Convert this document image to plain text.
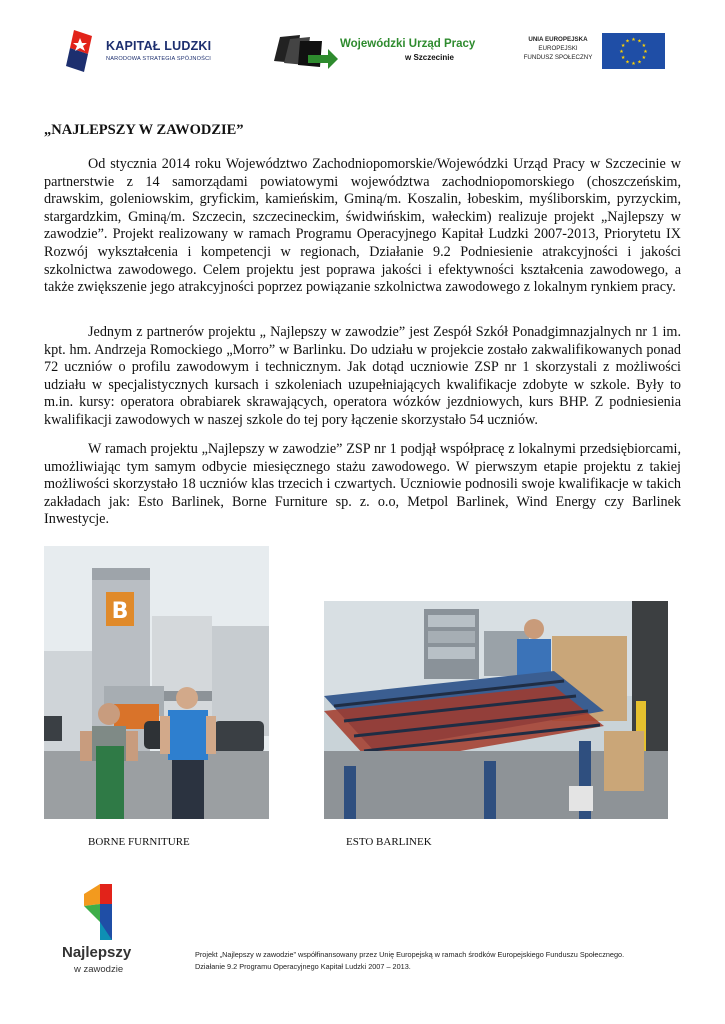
KAPITAŁ LUDZKI
NARODOWA STRATEGIA SPÓJNOŚCI
Wojewódzki Urząd Pracy
w Szczecinie
UNIA EUROPEJSKA
EUROPEJSKI
FUNDUSZ SPOŁECZNY
★ ★
★
★
★
★
★
★
★
★
★
★
„NAJLEPSZY W ZAWODZIE”

Od stycznia 2014 roku Województwo Zachodniopomorskie/Wojewódzki Urząd Pracy w Szczecinie w partnerstwie z 14 samorządami powiatowymi województwa zachodniopomorskiego (choszczeńskim, drawskim, goleniowskim, gryfickim, kamieńskim, Gminą/m. Koszalin, łobeskim, myśliborskim, pyrzyckim, stargardzkim, Gminą/m. Szczecin, szczecineckim, świdwińskim, wałeckim) realizuje projekt „Najlepszy w zawodzie”. Projekt realizowany w ramach Programu Operacyjnego Kapitał Ludzki 2007-2013, Priorytetu IX Rozwój wykształcenia i kompetencji w regionach, Działanie 9.2 Podniesienie atrakcyjności i jakości szkolnictwa zawodowego. Celem projektu jest poprawa jakości i efektywności kształcenia zawodowego, a także zwiększenie jego atrakcyjności poprzez powiązanie szkolnictwa zawodowego z lokalnym rynkiem pracy.

Jednym z partnerów projektu „ Najlepszy w zawodzie” jest Zespół Szkół Ponadgimnazjalnych nr 1 im. kpt. hm. Andrzeja Romockiego „Morro” w Barlinku. Do udziału w projekcie zostało zakwalifikowanych ponad 72 uczniów o profilu zawodowym i technicznym. Jak dotąd uczniowie ZSP nr 1 skorzystali z możliwości udziału w specjalistycznych kursach i szkoleniach uzupełniających kwalifikacje zdobyte w szkole. Były to m.in. kursy: operatora obrabiarek skrawających, operatora wózków jezdniowych, kurs BHP. Z podniesienia kwalifikacji zawodowych w naszej szkole do tej pory łączenie skorzystało 54 uczniów.

W ramach projektu „Najlepszy w zawodzie” ZSP nr 1 podjął współpracę z lokalnymi przedsiębiorcami, umożliwiając tym samym odbycie miesięcznego stażu zawodowego. W pierwszym etapie projektu z takiej możliwości skorzystało 18 uczniów klas trzecich i czwartych. Uczniowie podnosili swoje kwalifikacje w takich zakładach jak: Esto Barlinek, Borne Furniture sp. z. o.o, Metpol Barlinek, Wind Energy czy Barlinek Inwestycje.

B
BORNE FURNITURE	ESTO BARLINEK
Najlepszy
w zawodzie
Projekt „Najlepszy w zawodzie” współfinansowany przez Unię Europejską w ramach środków Europejskiego Funduszu Społecznego.
Działanie 9.2 Programu Operacyjnego Kapitał Ludzki 2007 – 2013.
